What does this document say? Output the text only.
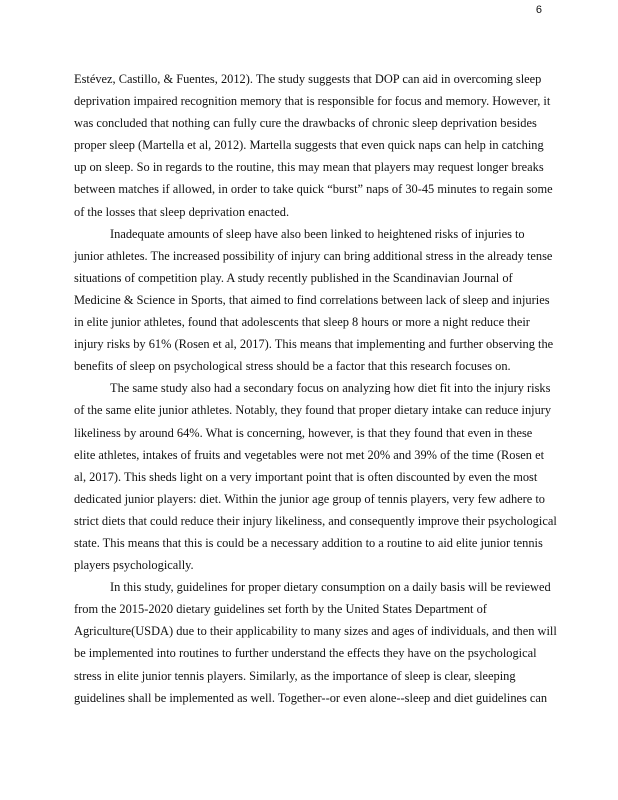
6
Estévez, Castillo, & Fuentes, 2012). The study suggests that DOP can aid in overcoming sleep
deprivation impaired recognition memory that is responsible for focus and memory. However, it
was concluded that nothing can fully cure the drawbacks of chronic sleep deprivation besides
proper sleep (Martella et al, 2012). Martella suggests that even quick naps can help in catching
up on sleep. So in regards to the routine, this may mean that players may request longer breaks
between matches if allowed, in order to take quick “burst” naps of 30-45 minutes to regain some
of the losses that sleep deprivation enacted.
Inadequate amounts of sleep have also been linked to heightened risks of injuries to
junior athletes. The increased possibility of injury can bring additional stress in the already tense
situations of competition play. A study recently published in the Scandinavian Journal of
Medicine & Science in Sports, that aimed to find correlations between lack of sleep and injuries
in elite junior athletes, found that adolescents that sleep 8 hours or more a night reduce their
injury risks by 61% (Rosen et al, 2017). This means that implementing and further observing the
benefits of sleep on psychological stress should be a factor that this research focuses on.
The same study also had a secondary focus on analyzing how diet fit into the injury risks
of the same elite junior athletes. Notably, they found that proper dietary intake can reduce injury
likeliness by around 64%. What is concerning, however, is that they found that even in these
elite athletes, intakes of fruits and vegetables were not met 20% and 39% of the time (Rosen et
al, 2017). This sheds light on a very important point that is often discounted by even the most
dedicated junior players: diet. Within the junior age group of tennis players, very few adhere to
strict diets that could reduce their injury likeliness, and consequently improve their psychological
state. This means that this is could be a necessary addition to a routine to aid elite junior tennis
players psychologically.
In this study, guidelines for proper dietary consumption on a daily basis will be reviewed
from the 2015-2020 dietary guidelines set forth by the United States Department of
Agriculture(USDA) due to their applicability to many sizes and ages of individuals, and then will
be implemented into routines to further understand the effects they have on the psychological
stress in elite junior tennis players. Similarly, as the importance of sleep is clear, sleeping
guidelines shall be implemented as well. Together--or even alone--sleep and diet guidelines can
